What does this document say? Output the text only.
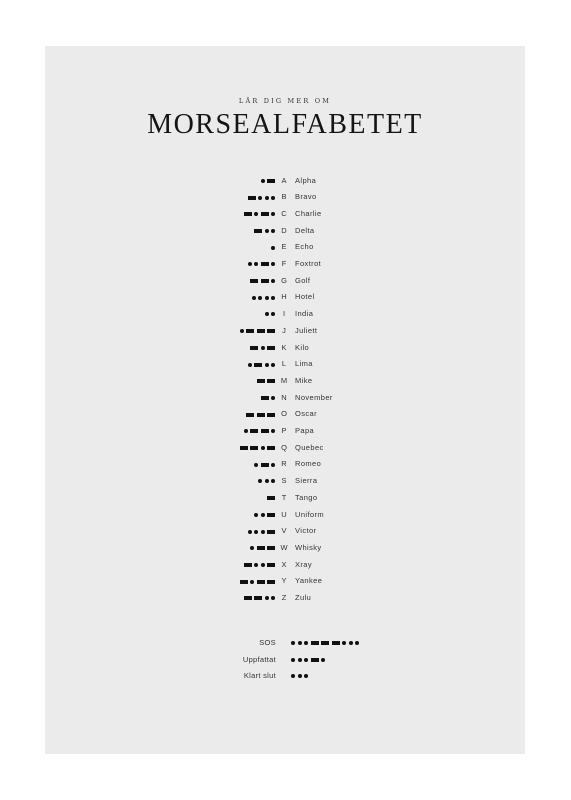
LÄR DIG MER OM
MORSEALFABETET
A	Alpha
B	Bravo
C	Charlie
D	Delta
E	Echo
F	Foxtrot
G	Golf
H	Hotel
I	India
J	Juliett
K	Kilo
L	Lima
M	Mike
N	November
O	Oscar
P	Papa
Q	Quebec
R	Romeo
S	Sierra
T	Tango
U	Uniform
V	Victor
W Whisky
X	Xray
Y	Yankee
Z	Zulu
SOS
Uppfattat
Klart slut
